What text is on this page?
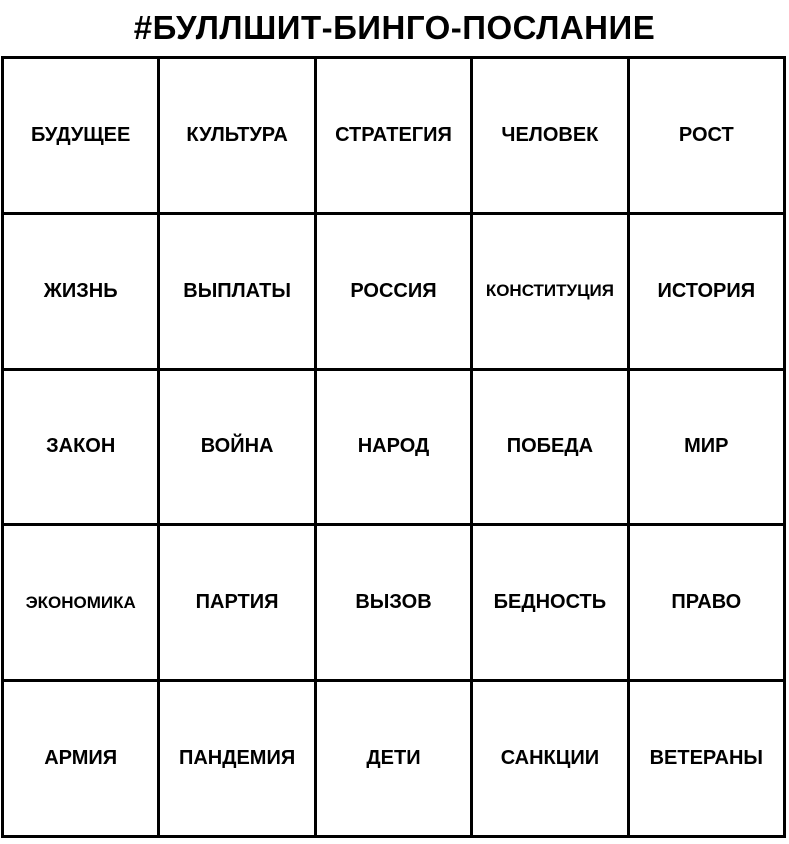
#БУЛЛШИТ-БИНГО-ПОСЛАНИЕ
БУДУЩЕЕ	КУЛЬТУРА	СТРАТЕГИЯ	ЧЕЛОВЕК	РОСТ
ЖИЗНЬ	ВЫПЛАТЫ	РОССИЯ	КОНСТИТУЦИЯ	ИСТОРИЯ
ЗАКОН	ВОЙНА	НАРОД	ПОБЕДА	МИР
ЭКОНОМИКА	ПАРТИЯ	ВЫЗОВ	БЕДНОСТЬ	ПРАВО
АРМИЯ	ПАНДЕМИЯ	ДЕТИ	САНКЦИИ	ВЕТЕРАНЫ
